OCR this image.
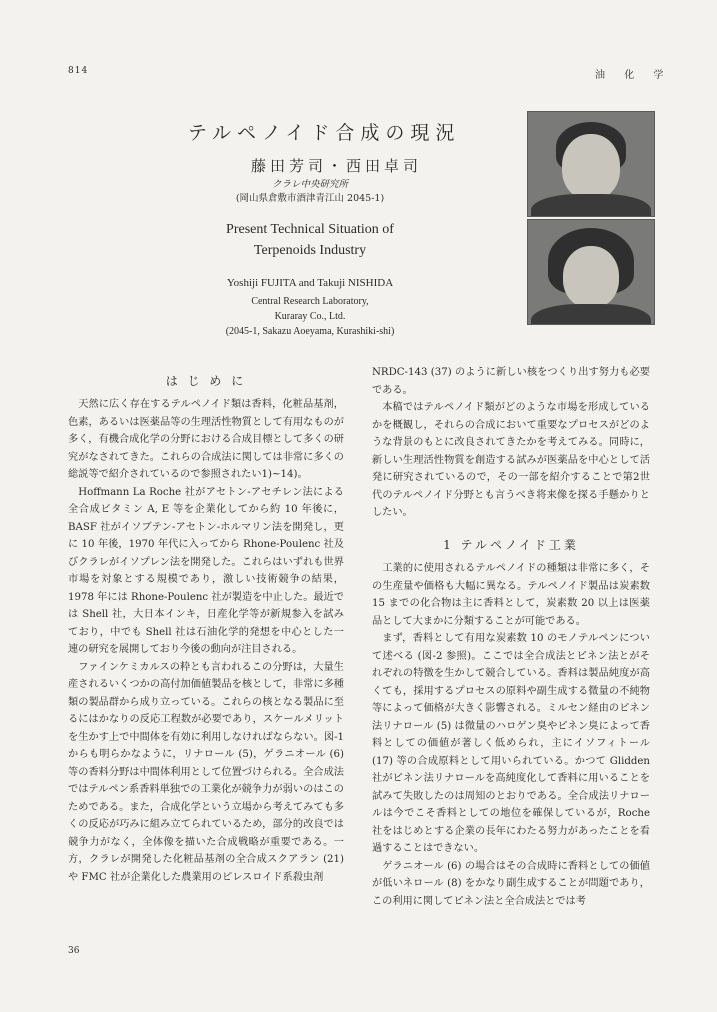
814	油 化 学
テルペノイド合成の現況
藤田芳司・西田卓司
クラレ中央研究所
(岡山県倉敷市酒津青江山 2045-1)
Present Technical Situation of
Terpenoids Industry
Yoshiji FUJITA and Takuji NISHIDA
Central Research Laboratory,
Kuraray Co., Ltd.
(2045-1, Sakazu Aoeyama, Kurashiki-shi)
は じ め に

天然に広く存在するテルペノイド類は香料，化粧品基剤，色素，あるいは医薬品等の生理活性物質として有用なものが多く，有機合成化学の分野における合成目標として多くの研究がなされてきた。これらの合成法に関しては非常に多くの総説等で紹介されているので参照されたい1)~14)。

Hoffmann La Roche 社がアセトン-アセチレン法による全合成ビタミン A, E 等を企業化してから約 10 年後に，BASF 社がイソブテン-アセトン-ホルマリン法を開発し，更に 10 年後，1970 年代に入ってから Rhone-Poulenc 社及びクラレがイソプレン法を開発した。これらはいずれも世界市場を対象とする規模であり，激しい技術競争の結果，1978 年には Rhone-Poulenc 社が製造を中止した。最近では Shell 社，大日本インキ，日産化学等が新規参入を試みており，中でも Shell 社は石油化学的発想を中心とした一連の研究を展開しており今後の動向が注目される。

ファインケミカルスの粋とも言われるこの分野は，大量生産されるいくつかの高付加価値製品を核として，非常に多種類の製品群から成り立っている。これらの核となる製品に至るにはかなりの反応工程数が必要であり，スケールメリットを生かす上で中間体を有効に利用しなければならない。図-1 からも明らかなように，リナロール (5)，ゲラニオール (6) 等の香料分野は中間体利用として位置づけられる。全合成法ではテルペン系香料単独での工業化が競争力が弱いのはこのためである。また，合成化学という立場から考えてみても多くの反応が巧みに組み立てられているため，部分的改良では競争力がなく，全体像を描いた合成戦略が重要である。一方，クラレが開発した化粧品基剤の全合成スクアラン (21) や FMC 社が企業化した農業用のピレスロイド系殺虫剤

NRDC-143 (37) のように新しい核をつくり出す努力も必要である。

本稿ではテルペノイド類がどのような市場を形成しているかを概観し，それらの合成において重要なプロセスがどのような背景のもとに改良されてきたかを考えてみる。同時に，新しい生理活性物質を創造する試みが医薬品を中心として活発に研究されているので，その一部を紹介することで第2世代のテルペノイド分野とも言うべき将来像を探る手懸かりとしたい。

1 テルペノイド工業

工業的に使用されるテルペノイドの種類は非常に多く，その生産量や価格も大幅に異なる。テルペノイド製品は炭素数 15 までの化合物は主に香料として，炭素数 20 以上は医薬品として大まかに分類することが可能である。

まず，香料として有用な炭素数 10 のモノテルペンについて述べる (図-2 参照)。ここでは全合成法とピネン法とがそれぞれの特徴を生かして競合している。香料は製品純度が高くても，採用するプロセスの原料や副生成する微量の不純物等によって価格が大きく影響される。ミルセン経由のピネン法リナロール (5) は微量のハロゲン臭やピネン臭によって香料としての価値が著しく低められ，主にイソフィトール (17) 等の合成原料として用いられている。かつて Glidden 社がピネン法リナロールを高純度化して香料に用いることを試みて失敗したのは周知のとおりである。全合成法リナロールは今でこそ香料としての地位を確保しているが，Roche 社をはじめとする企業の長年にわたる努力があったことを看過することはできない。

ゲラニオール (6) の場合はその合成時に香料としての価値が低いネロール (8) をかなり副生成することが問題であり，この利用に関してピネン法と全合成法とでは考

36
